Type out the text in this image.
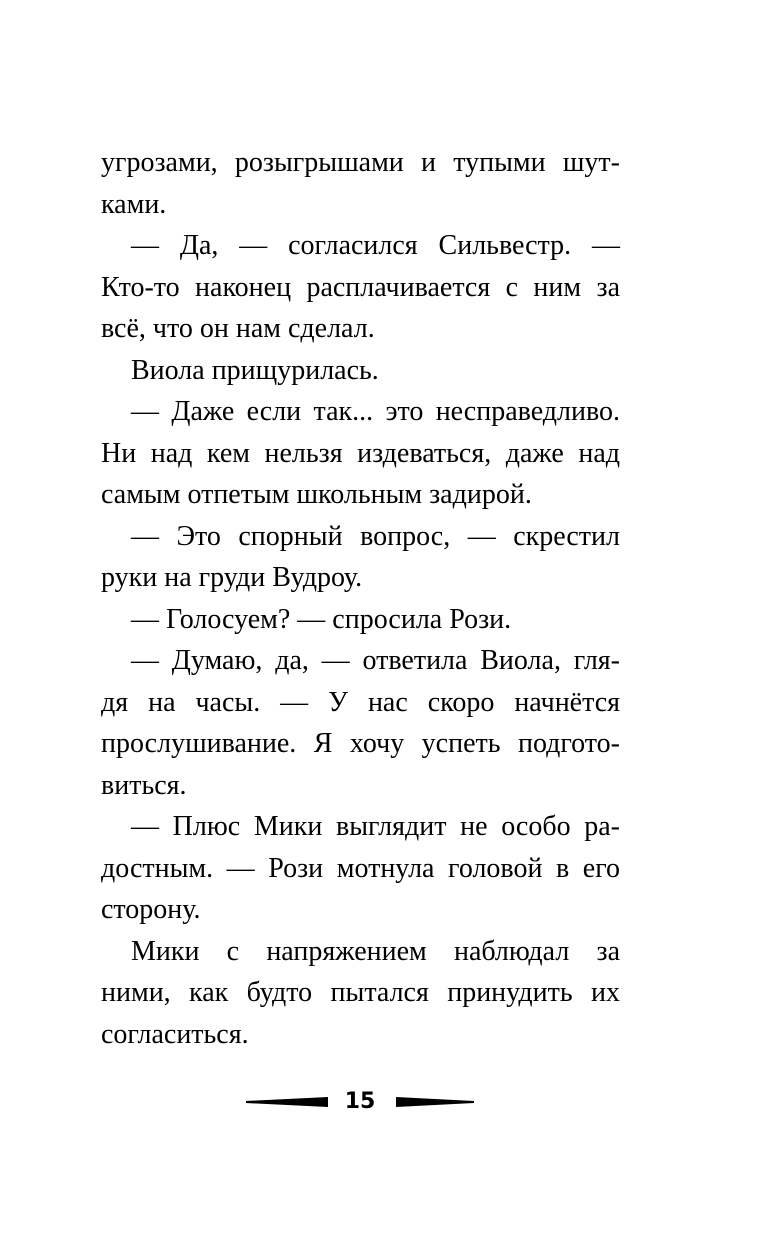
угрозами, розыгрышами и тупыми шут-
ками.
— Да, — согласился Сильвестр. —
Кто-то наконец расплачивается с ним за
всё, что он нам сделал.
Виола прищурилась.
— Даже если так... это несправедливо.
Ни над кем нельзя издеваться, даже над
самым отпетым школьным задирой.
— Это спорный вопрос, — скрестил
руки на груди Вудроу.
— Голосуем? — спросила Рози.
— Думаю, да, — ответила Виола, гля-
дя на часы. — У нас скоро начнётся
прослушивание. Я хочу успеть подгото-
виться.
— Плюс Мики выглядит не особо ра-
достным. — Рози мотнула головой в его
сторону.
Мики с напряжением наблюдал за
ними, как будто пытался принудить их
согласиться.
15
